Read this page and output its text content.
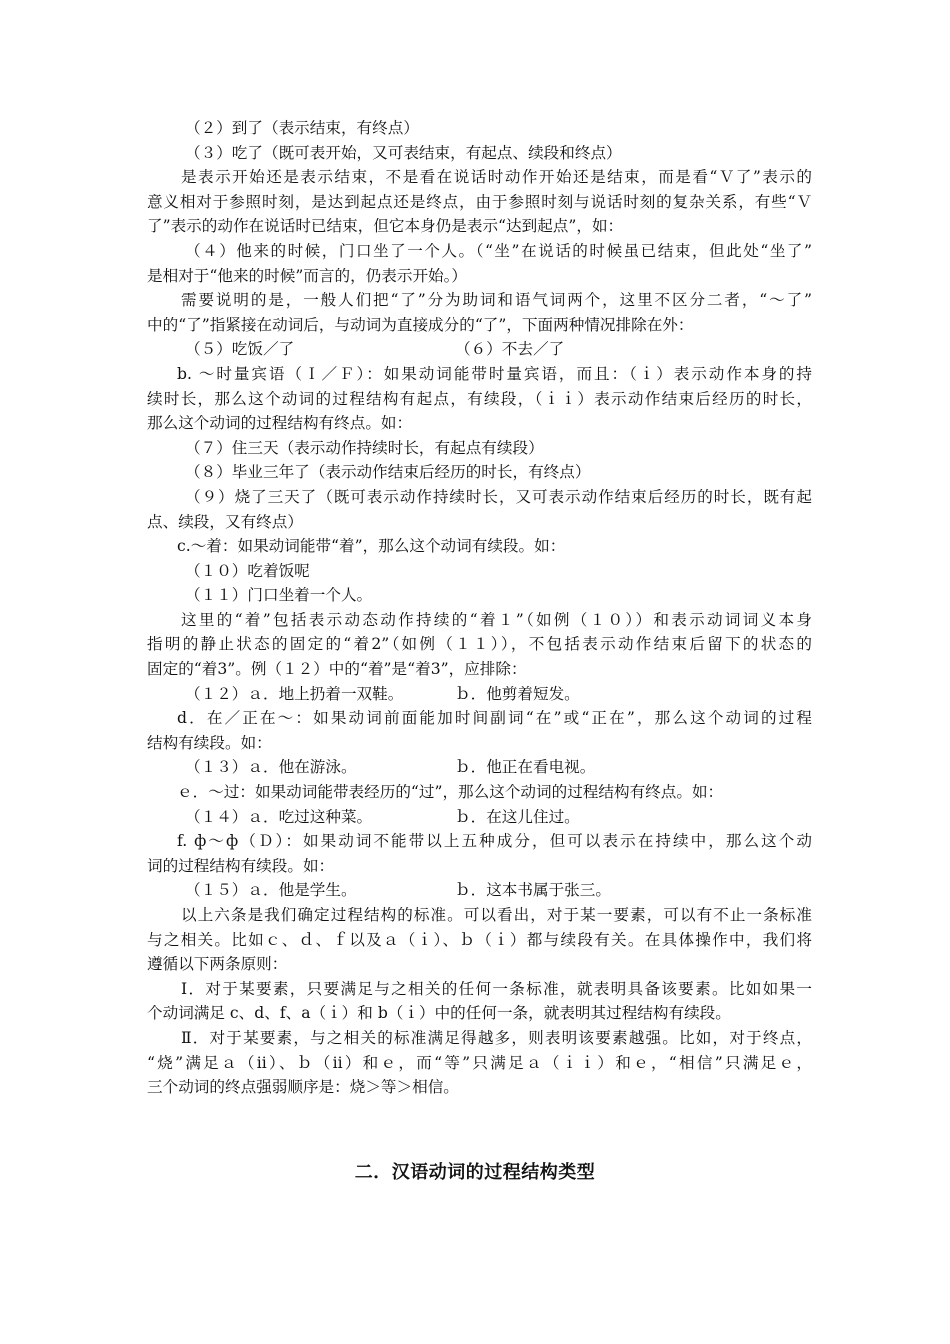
（２）到了（表示结束，有终点）
（３）吃了（既可表开始，又可表结束，有起点、续段和终点）
是表示开始还是表示结束，不是看在说话时动作开始还是结束，而是看“Ｖ了”表示的
意义相对于参照时刻，是达到起点还是终点，由于参照时刻与说话时刻的复杂关系，有些“Ｖ
了”表示的动作在说话时已结束，但它本身仍是表示“达到起点”，如：
（４）他来的时候，门口坐了一个人。（“坐”在说话的时候虽已结束，但此处“坐了”
是相对于“他来的时候”而言的，仍表示开始。）
需要说明的是，一般人们把“了”分为助词和语气词两个，这里不区分二者，“～了”
中的“了”指紧接在动词后，与动词为直接成分的“了”，下面两种情况排除在外：
（５）吃饭／了	（６）不去／了
b. ～时量宾语（Ｉ／Ｆ）：如果动词能带时量宾语，而且：（ｉ）表示动作本身的持
续时长，那么这个动词的过程结构有起点，有续段，（ｉｉ）表示动作结束后经历的时长，
那么这个动词的过程结构有终点。如：
（７）住三天（表示动作持续时长，有起点有续段）
（８）毕业三年了（表示动作结束后经历的时长，有终点）
（９）烧了三天了（既可表示动作持续时长，又可表示动作结束后经历的时长，既有起
点、续段，又有终点）
c.～着：如果动词能带“着”，那么这个动词有续段。如：
（１０）吃着饭呢
（１１）门口坐着一个人。
这里的“着”包括表示动态动作持续的“着１”（如例（１０））和表示动词词义本身
指明的静止状态的固定的“着2”（如例（１１）），不包括表示动作结束后留下的状态的
固定的“着3”。例（１２）中的“着”是“着3”，应排除：
（１２）ａ．地上扔着一双鞋。	ｂ．他剪着短发。
d．在／正在～：如果动词前面能加时间副词“在”或“正在”，那么这个动词的过程
结构有续段。如：
（１３）ａ．他在游泳。	ｂ．他正在看电视。
ｅ．～过：如果动词能带表经历的“过”，那么这个动词的过程结构有终点。如：
（１４）ａ．吃过这种菜。	ｂ．在这儿住过。
f. ф～ф（Ｄ）：如果动词不能带以上五种成分，但可以表示在持续中，那么这个动
词的过程结构有续段。如：
（１５）ａ．他是学生。	ｂ．这本书属于张三。
以上六条是我们确定过程结构的标准。可以看出，对于某一要素，可以有不止一条标准
与之相关。比如ｃ、ｄ、ｆ以及ａ（ｉ）、ｂ（ｉ）都与续段有关。在具体操作中，我们将
遵循以下两条原则：
Ⅰ．对于某要素，只要满足与之相关的任何一条标准，就表明具备该要素。比如如果一
个动词满足 c、d、f、a（ｉ）和 b（ｉ）中的任何一条，就表明其过程结构有续段。
Ⅱ．对于某要素，与之相关的标准满足得越多，则表明该要素越强。比如，对于终点，
“烧”满足ａ（ii）、ｂ（ii）和ｅ，而“等”只满足ａ（ｉｉ）和ｅ，“相信”只满足ｅ，
三个动词的终点强弱顺序是：烧＞等＞相信。
二．汉语动词的过程结构类型
